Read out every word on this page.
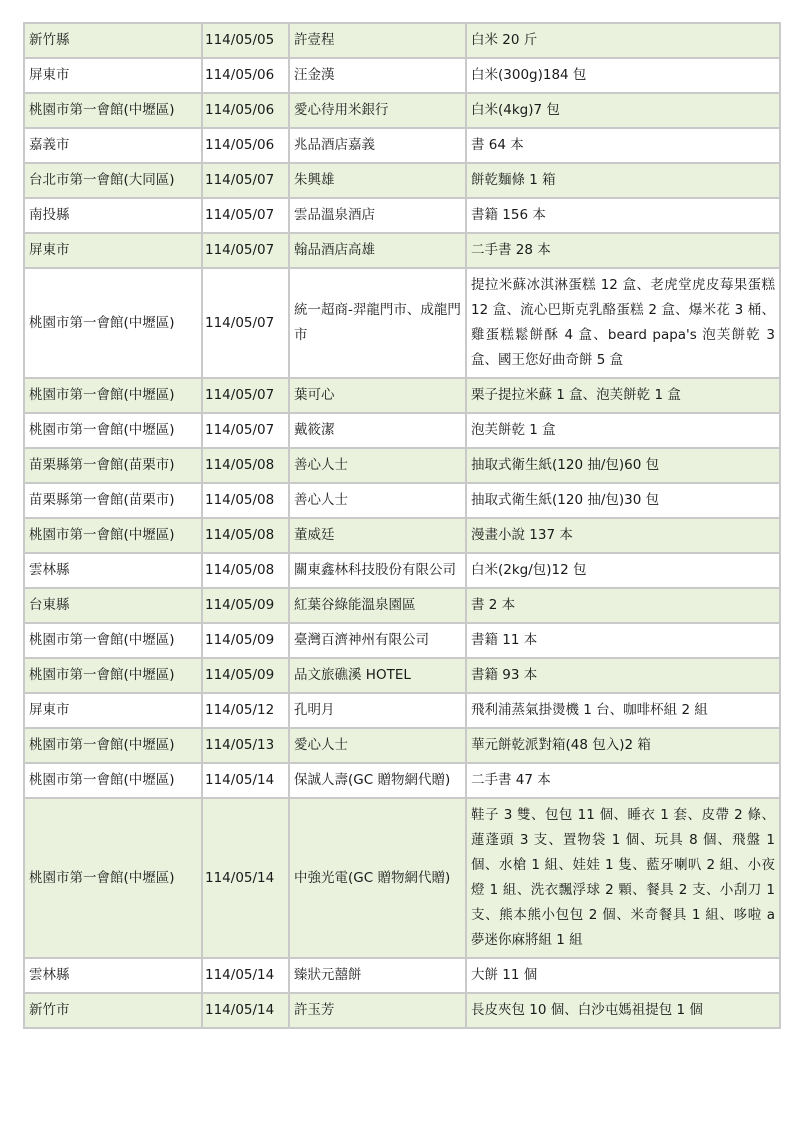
新竹縣	114/05/05	許壹程	白米 20 斤
屏東市	114/05/06	汪金漢	白米(300g)184 包
桃園市第一會館(中壢區)	114/05/06	愛心待用米銀行	白米(4kg)7 包
嘉義市	114/05/06	兆品酒店嘉義	書 64 本
台北市第一會館(大同區)	114/05/07	朱興雄	餅乾麵條 1 箱
南投縣	114/05/07	雲品溫泉酒店	書籍 156 本
屏東市	114/05/07	翰品酒店高雄	二手書 28 本
桃園市第一會館(中壢區)	114/05/07	統一超商-羿龍門市、成龍門市	提拉米蘇冰淇淋蛋糕 12 盒、老虎堂虎皮莓果蛋糕 12 盒、流心巴斯克乳酪蛋糕 2 盒、爆米花 3 桶、雞蛋糕鬆餅酥 4 盒、beard papa's 泡芙餅乾 3 盒、國王您好曲奇餅 5 盒
桃園市第一會館(中壢區)	114/05/07	葉可心	栗子提拉米蘇 1 盒、泡芙餅乾 1 盒
桃園市第一會館(中壢區)	114/05/07	戴筱潔	泡芙餅乾 1 盒
苗栗縣第一會館(苗栗市)	114/05/08	善心人士	抽取式衛生紙(120 抽/包)60 包
苗栗縣第一會館(苗栗市)	114/05/08	善心人士	抽取式衛生紙(120 抽/包)30 包
桃園市第一會館(中壢區)	114/05/08	董威廷	漫畫小說 137 本
雲林縣	114/05/08	關東鑫林科技股份有限公司	白米(2kg/包)12 包
台東縣	114/05/09	紅葉谷綠能溫泉園區	書 2 本
桃園市第一會館(中壢區)	114/05/09	臺灣百濟神州有限公司	書籍 11 本
桃園市第一會館(中壢區)	114/05/09	品文旅礁溪 HOTEL	書籍 93 本
屏東市	114/05/12	孔明月	飛利浦蒸氣掛燙機 1 台、咖啡杯組 2 組
桃園市第一會館(中壢區)	114/05/13	愛心人士	華元餅乾派對箱(48 包入)2 箱
桃園市第一會館(中壢區)	114/05/14	保誠人壽(GC 贈物網代贈)	二手書 47 本
桃園市第一會館(中壢區)	114/05/14	中強光電(GC 贈物網代贈)	鞋子 3 雙、包包 11 個、睡衣 1 套、皮帶 2 條、蓮蓬頭 3 支、置物袋 1 個、玩具 8 個、飛盤 1 個、水槍 1 組、娃娃 1 隻、藍牙喇叭 2 組、小夜燈 1 組、洗衣飄浮球 2 顆、餐具 2 支、小刮刀 1 支、熊本熊小包包 2 個、米奇餐具 1 組、哆啦 a 夢迷你麻將組 1 組
雲林縣	114/05/14	臻狀元囍餅	大餅 11 個
新竹市	114/05/14	許玉芳	長皮夾包 10 個、白沙屯媽祖提包 1 個
